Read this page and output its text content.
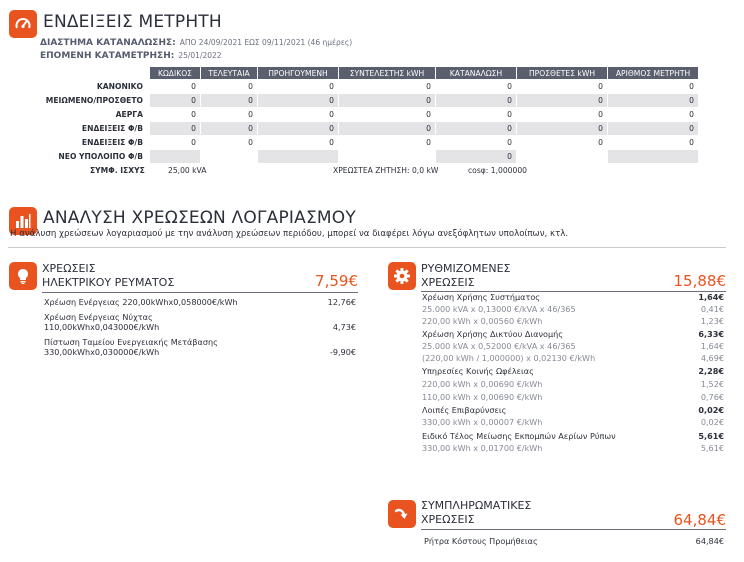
ΕΝΔΕΙΞΕΙΣ ΜΕΤΡΗΤΗ
ΔΙΑΣΤΗΜΑ ΚΑΤΑΝΑΛΩΣΗΣ: ΑΠΟ 24/09/2021 ΕΩΣ 09/11/2021 (46 ημέρες)
ΕΠΟΜΕΝΗ ΚΑΤΑΜΕΤΡΗΣΗ: 25/01/2022
	ΚΩΔΙΚΟΣ	ΤΕΛΕΥΤΑΙΑ	ΠΡΟΗΓΟΥΜΕΝΗ	ΣΥΝΤΕΛΕΣΤΗΣ kWH	ΚΑΤΑΝΑΛΩΣΗ	ΠΡΟΣΘΕΤΕΣ kWH	ΑΡΙΘΜΟΣ ΜΕΤΡΗΤΗ
ΚΑΝΟΝΙΚΟ	0	0	0	0	0	0	0
ΜΕΙΩΜΕΝΟ/ΠΡΟΣΘΕΤΟ	0	0	0	0	0	0	0
ΑΕΡΓΑ	0	0	0	0	0	0	0
ΕΝΔΕΙΞΕΙΣ Φ/Β	0	0	0	0	0	0	0
ΕΝΔΕΙΞΕΙΣ Φ/Β	0	0	0	0	0	0	0
ΝΕΟ ΥΠΟΛΟΙΠΟ Φ/Β					0		
ΣΥΜΦ. ΙΣΧΥΣ	25,00 kVA	ΧΡΕΩΣΤΕΑ ΖΗΤΗΣΗ: 0,0 kW	cosφ: 1,000000
ΑΝΑΛΥΣΗ ΧΡΕΩΣΕΩΝ ΛΟΓΑΡΙΑΣΜΟΥ
Η ανάλυση χρεώσεων λογαριασμού με την ανάλυση χρεώσεων περιόδου, μπορεί να διαφέρει λόγω ανεξόφλητων υπολοίπων, κτλ.
ΧΡΕΩΣΕΙΣ
ΗΛΕΚΤΡΙΚΟΥ ΡΕΥΜΑΤΟΣ	7,59€
Χρέωση Ενέργειας 220,00kWhx0,058000€/kWh	12,76€
Χρέωση Ενέργειας Νύχτας
110,00kWhx0,043000€/kWh	4,73€
Πίστωση Ταμείου Ενεργειακής Μετάβασης
330,00kWhx0,030000€/kWh	-9,90€
ΡΥΘΜΙΖΟΜΕΝΕΣ
ΧΡΕΩΣΕΙΣ	15,88€
Χρέωση Χρήσης Συστήματος	1,64€
25.000 kVA x 0,13000 €/kVA x 46/365	0,41€
220,00 kWh x 0,00560 €/kWh	1,23€
Χρέωση Χρήσης Δικτύου Διανομής	6,33€
25.000 kVA x 0,52000 €/kVA x 46/365	1,64€
(220,00 kWh / 1,000000) x 0,02130 €/kWh	4,69€
Υπηρεσίες Κοινής Ωφέλειας	2,28€
220,00 kWh x 0,00690 €/kWh	1,52€
110,00 kWh x 0,00690 €/kWh	0,76€
Λοιπές Επιβαρύνσεις	0,02€
330,00 kWh x 0,00007 €/kWh	0,02€
Ειδικό Τέλος Μείωσης Εκπομπών Αερίων Ρύπων	5,61€
330,00 kWh x 0,01700 €/kWh	5,61€
ΣΥΜΠΛΗΡΩΜΑΤΙΚΕΣ
ΧΡΕΩΣΕΙΣ	64,84€
Ρήτρα Κόστους Προμήθειας	64,84€
